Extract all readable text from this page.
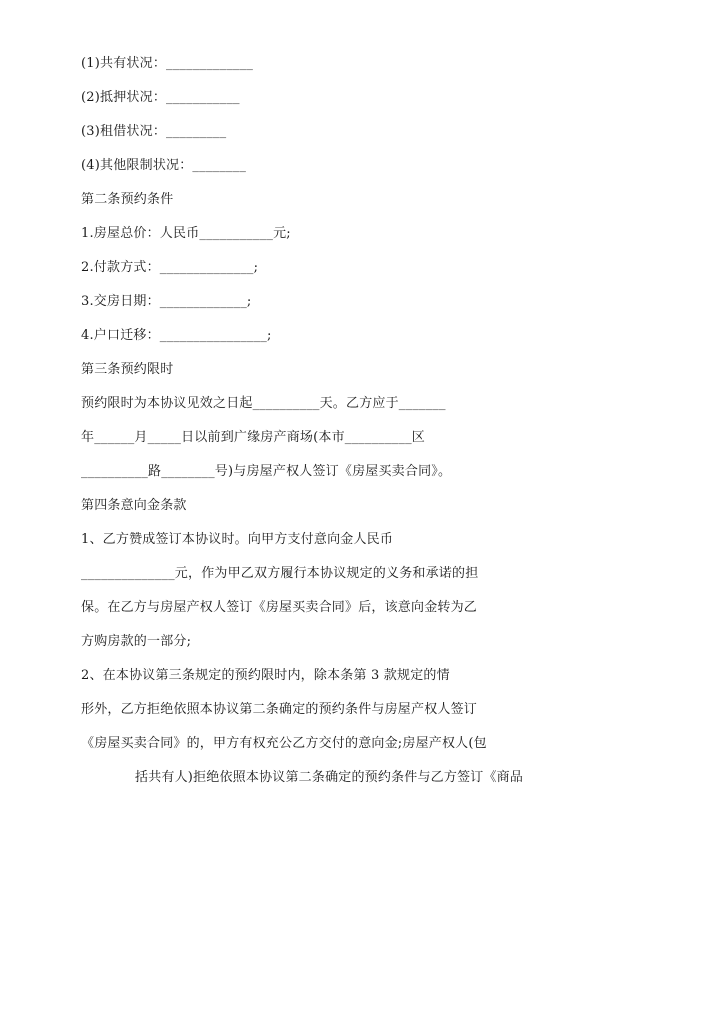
(1)共有状况：_____________
(2)抵押状况：___________
(3)租借状况：_________
(4)其他限制状况：________
第二条预约条件
1.房屋总价：人民币___________元;
2.付款方式：______________;
3.交房日期：_____________;
4.户口迁移：________________;
第三条预约限时
预约限时为本协议见效之日起__________天。乙方应于_______
年______月_____日以前到广缘房产商场(本市__________区
__________路________号)与房屋产权人签订《房屋买卖合同》。
第四条意向金条款
1、乙方赞成签订本协议时。向甲方支付意向金人民币
______________元，作为甲乙双方履行本协议规定的义务和承诺的担
保。在乙方与房屋产权人签订《房屋买卖合同》后，该意向金转为乙
方购房款的一部分;
2、在本协议第三条规定的预约限时内，除本条第 3 款规定的情
形外，乙方拒绝依照本协议第二条确定的预约条件与房屋产权人签订
《房屋买卖合同》的，甲方有权充公乙方交付的意向金;房屋产权人(包
括共有人)拒绝依照本协议第二条确定的预约条件与乙方签订《商品
